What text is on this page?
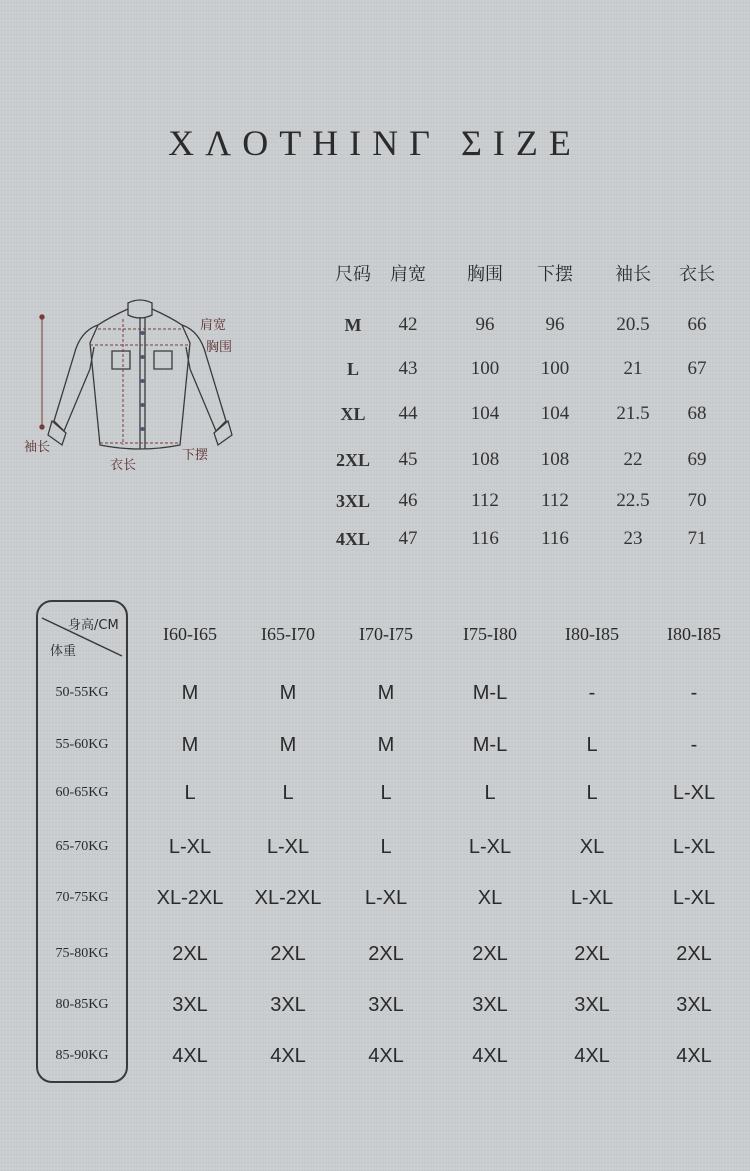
XΛOTHINΓ ΣIZE
尺码	肩宽	胸围	下摆	袖长	衣长
M	42	96	96	20.5	66
L	43	100	100	21	67
XL	44	104	104	21.5	68
2XL	45	108	108	22	69
3XL	46	112	112	22.5	70
4XL	47	116	116	23	71
肩宽
胸围
袖长
衣长
下摆
身高/CM
体重
I60-I65	I65-I70	I70-I75	I75-I80	I80-I85	I80-I85
50-55KG	M	M	M	M-L	-	-
55-60KG	M	M	M	M-L	L	-
60-65KG	L	L	L	L	L	L-XL
65-70KG	L-XL	L-XL	L	L-XL	XL	L-XL
70-75KG	XL-2XL	XL-2XL	L-XL	XL	L-XL	L-XL
75-80KG	2XL	2XL	2XL	2XL	2XL	2XL
80-85KG	3XL	3XL	3XL	3XL	3XL	3XL
85-90KG	4XL	4XL	4XL	4XL	4XL	4XL
